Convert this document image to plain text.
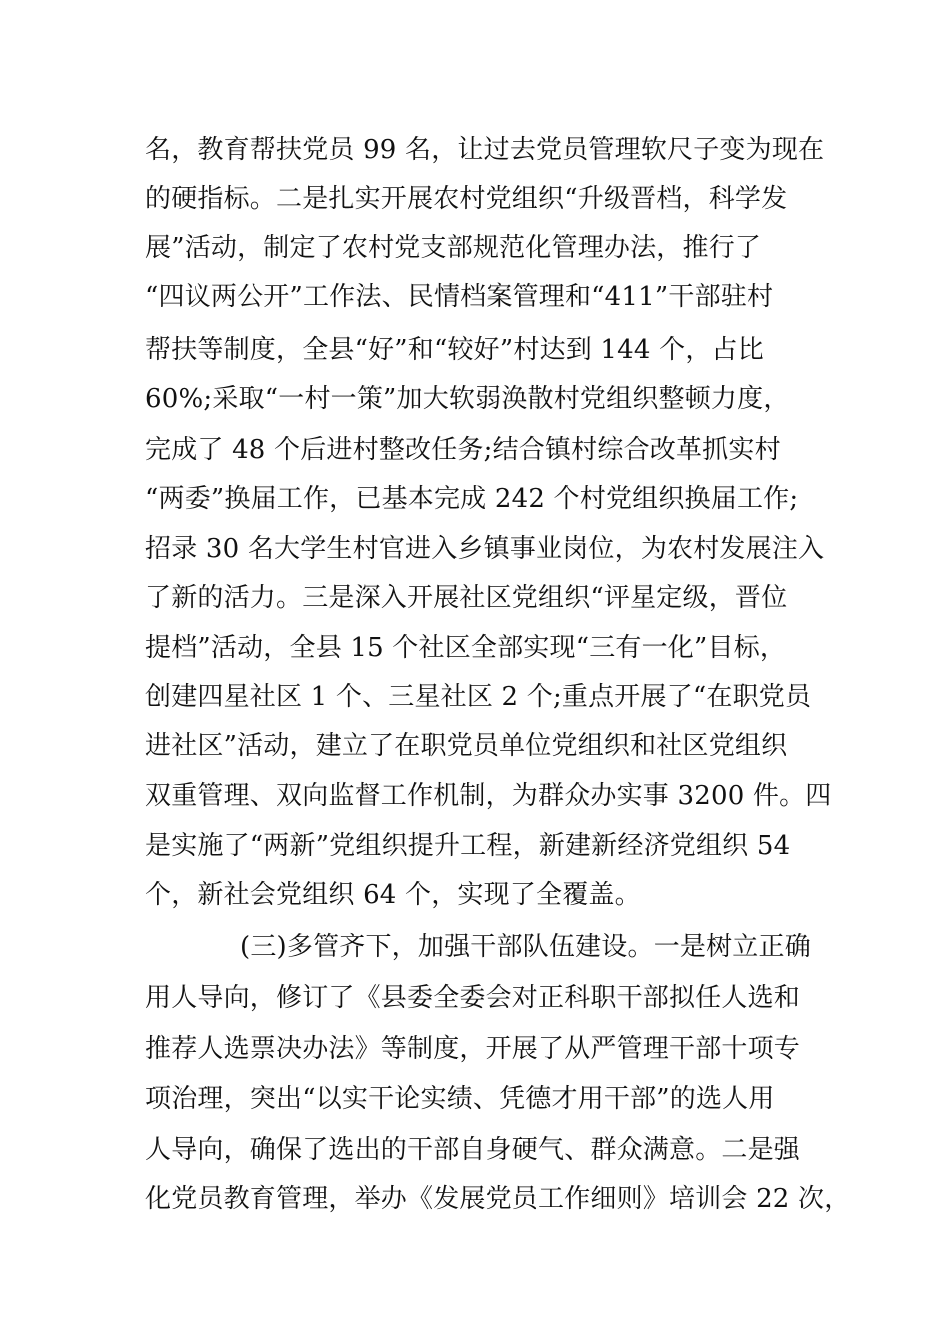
名，教育帮扶党员 99 名，让过去党员管理软尺子变为现在
的硬指标。二是扎实开展农村党组织“升级晋档，科学发
展”活动，制定了农村党支部规范化管理办法，推行了
“四议两公开”工作法、民情档案管理和“411”干部驻村
帮扶等制度，全县“好”和“较好”村达到 144 个，占比
60%;采取“一村一策”加大软弱涣散村党组织整顿力度，
完成了 48 个后进村整改任务;结合镇村综合改革抓实村
“两委”换届工作，已基本完成 242 个村党组织换届工作;
招录 30 名大学生村官进入乡镇事业岗位，为农村发展注入
了新的活力。三是深入开展社区党组织“评星定级，晋位
提档”活动，全县 15 个社区全部实现“三有一化”目标，
创建四星社区 1 个、三星社区 2 个;重点开展了“在职党员
进社区”活动，建立了在职党员单位党组织和社区党组织
双重管理、双向监督工作机制，为群众办实事 3200 件。四
是实施了“两新”党组织提升工程，新建新经济党组织 54
个，新社会党组织 64 个，实现了全覆盖。
(三)多管齐下，加强干部队伍建设。一是树立正确
用人导向，修订了《县委全委会对正科职干部拟任人选和
推荐人选票决办法》等制度，开展了从严管理干部十项专
项治理，突出“以实干论实绩、凭德才用干部”的选人用
人导向，确保了选出的干部自身硬气、群众满意。二是强
化党员教育管理，举办《发展党员工作细则》培训会 22 次，
